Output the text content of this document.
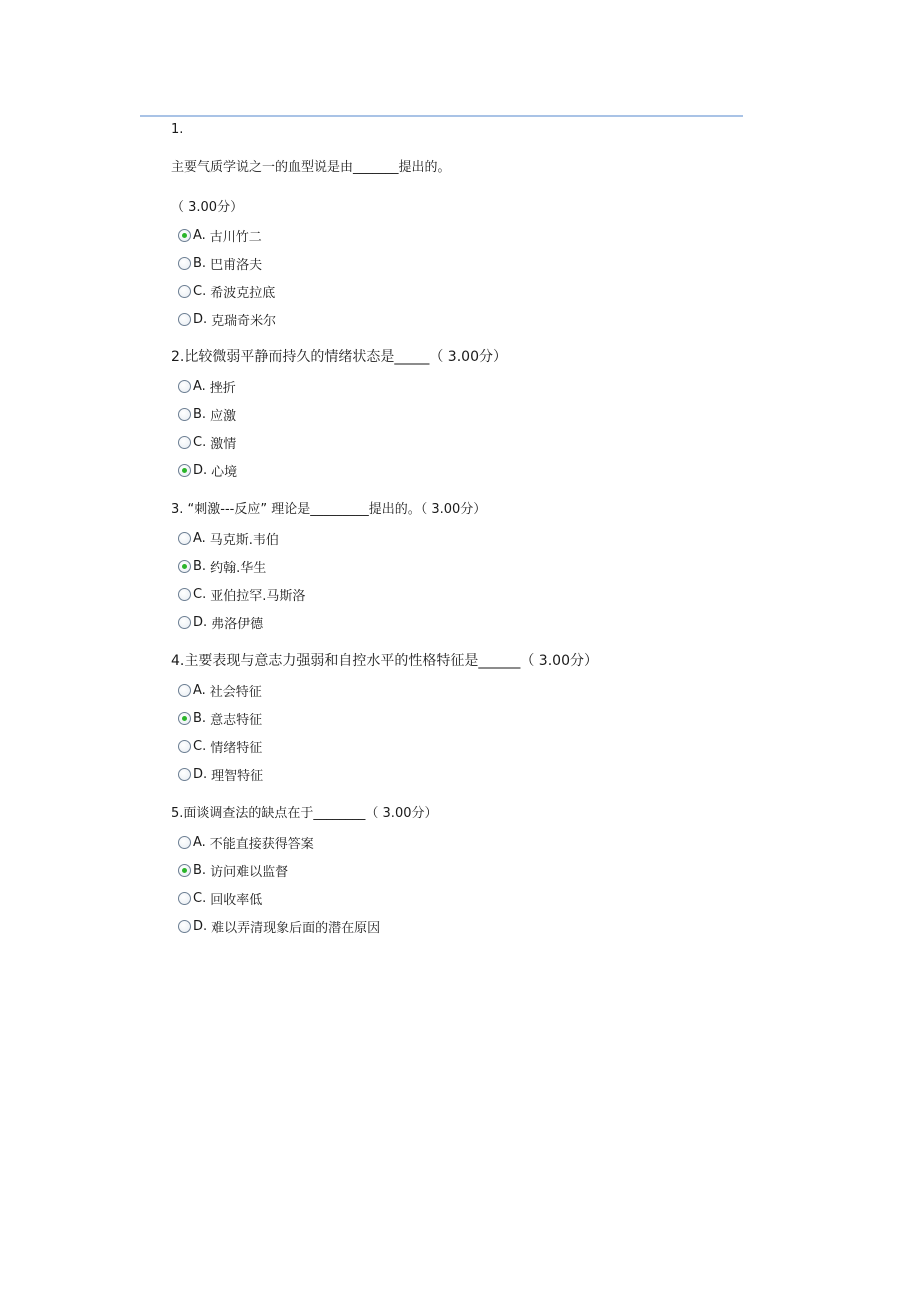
1.
主要气质学说之一的血型说是由_______提出的。
（ 3.00分）
A. 古川竹二
B. 巴甫洛夫
C. 希波克拉底
D. 克瑞奇米尔
2.比较微弱平静而持久的情绪状态是_____（ 3.00分）
A. 挫折
B. 应激
C. 激情
D. 心境
3. “刺激---反应” 理论是_________提出的。（ 3.00分）
A. 马克斯.韦伯
B. 约翰.华生
C. 亚伯拉罕.马斯洛
D. 弗洛伊德
4.主要表现与意志力强弱和自控水平的性格特征是______（ 3.00分）
A. 社会特征
B. 意志特征
C. 情绪特征
D. 理智特征
5.面谈调查法的缺点在于________（ 3.00分）
A. 不能直接获得答案
B. 访问难以监督
C. 回收率低
D. 难以弄清现象后面的潜在原因
